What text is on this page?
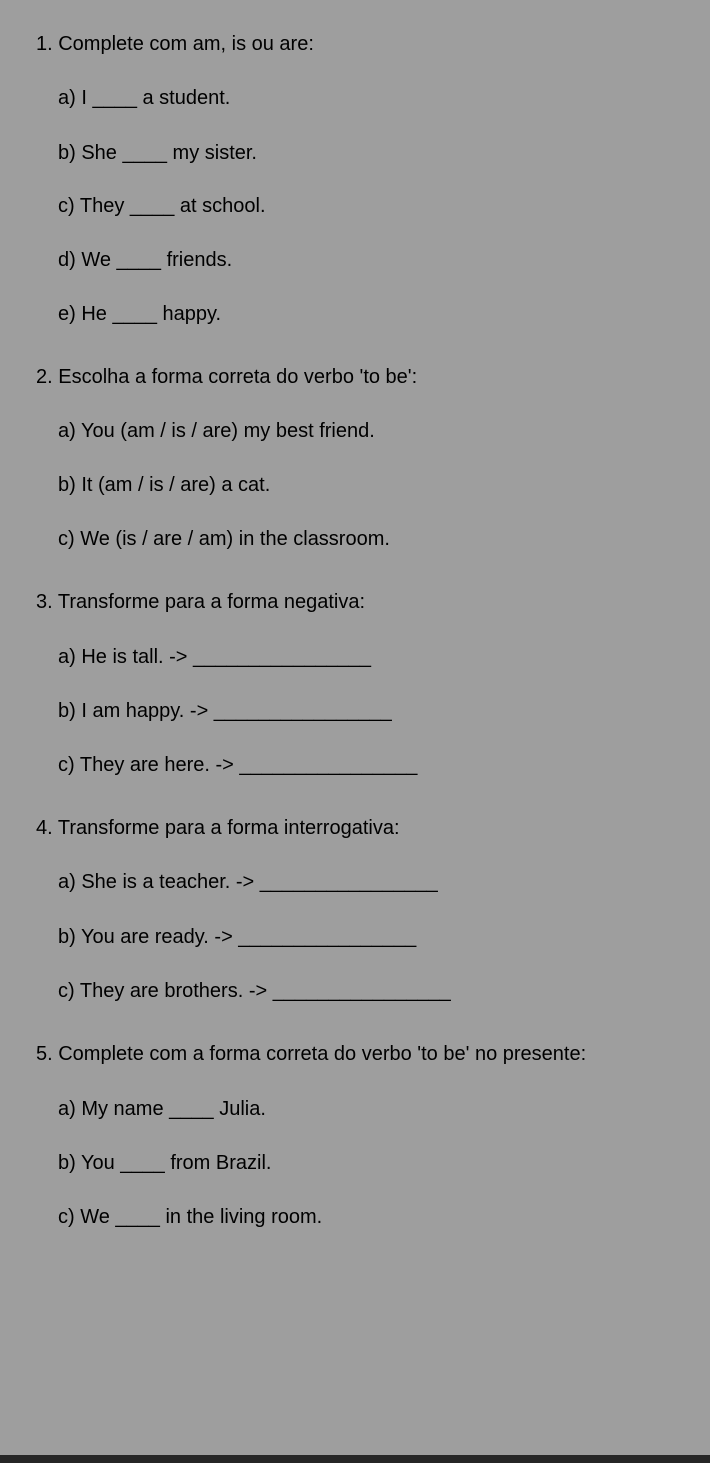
1. Complete com am, is ou are:
a) I ____ a student.
b) She ____ my sister.
c) They ____ at school.
d) We ____ friends.
e) He ____ happy.
2. Escolha a forma correta do verbo 'to be':
a) You (am / is / are) my best friend.
b) It (am / is / are) a cat.
c) We (is / are / am) in the classroom.
3. Transforme para a forma negativa:
a) He is tall. -> ________________
b) I am happy. -> ________________
c) They are here. -> ________________
4. Transforme para a forma interrogativa:
a) She is a teacher. -> ________________
b) You are ready. -> ________________
c) They are brothers. -> ________________
5. Complete com a forma correta do verbo 'to be' no presente:
a) My name ____ Julia.
b) You ____ from Brazil.
c) We ____ in the living room.
